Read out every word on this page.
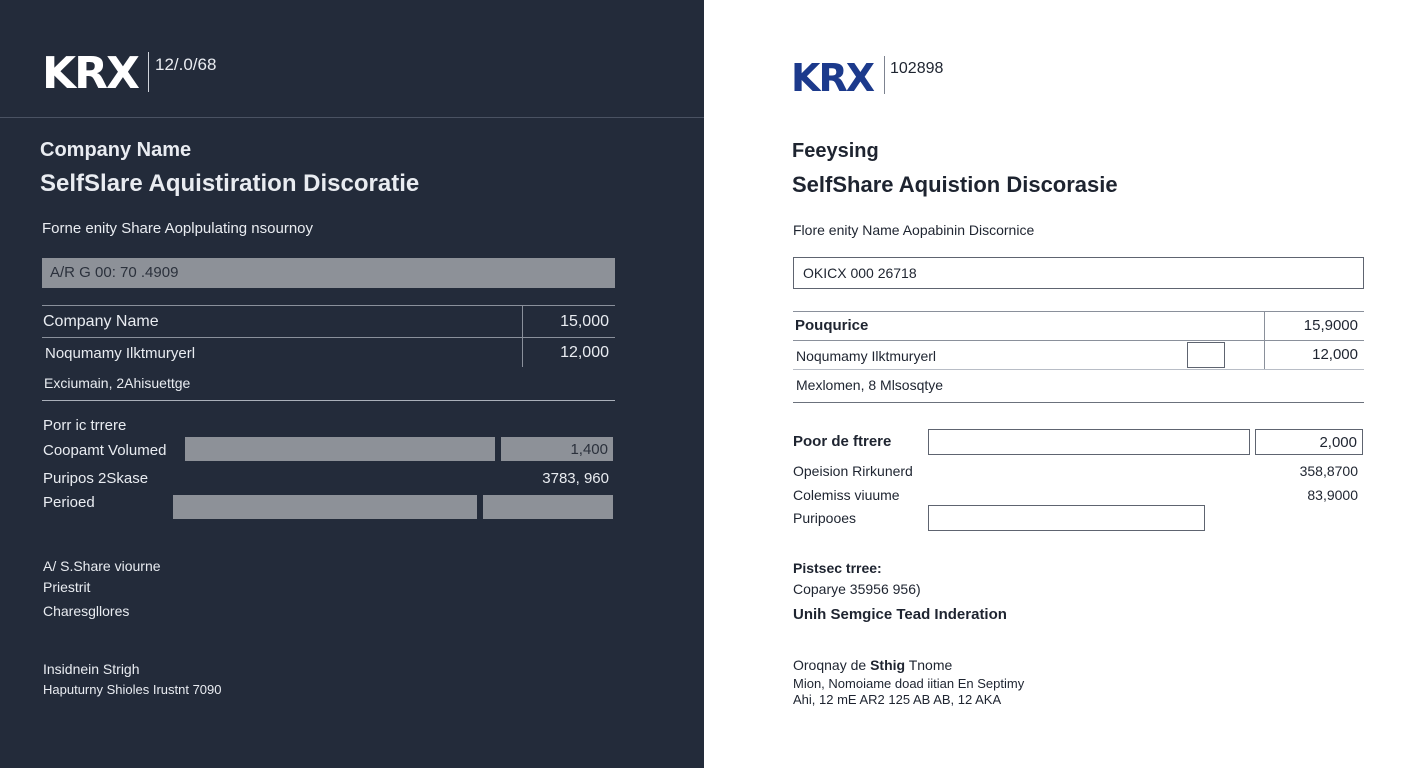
KRX 12/.0/68
Company Name
SelfSlare Aquistiration Discoratie
Forne enity Share Aoplpulating nsournoy
A/R G 00: 70 .4909
Company Name	15,000
Noqumamy Ilktmuryerl	12,000
Exciumain, 2Ahisuettge
Porr ic trrere
Coopamt Volumed	1,400
Puripos 2Skase	3783, 960
Perioed
A/ S.Share viourne
Priestrit
Charesgllores
Insidnein Strigh
Haputurny Shioles Irustnt 7090
KRX 102898
Feeysing
SelfShare Aquistion Discorasie
Flore enity Name Aopabinin Discornice
OKICX 000 26718
Pouqurice	15,9000
Noqumamy Ilktmuryerl	12,000
Mexlomen, 8 Mlsosqtye
Poor de ftrere	2,000
Opeision Rirkunerd	358,8700
Colemiss viuume	83,9000
Puripooes
Pistsec trree:
Coparye 35956 956)
Unih Semgice Tead Inderation
Oroqnay de Sthig Tnome
Mion, Nomoiame doad iitian En Septimy
Ahi, 12 mE AR2 125 AB AB, 12 AKA
